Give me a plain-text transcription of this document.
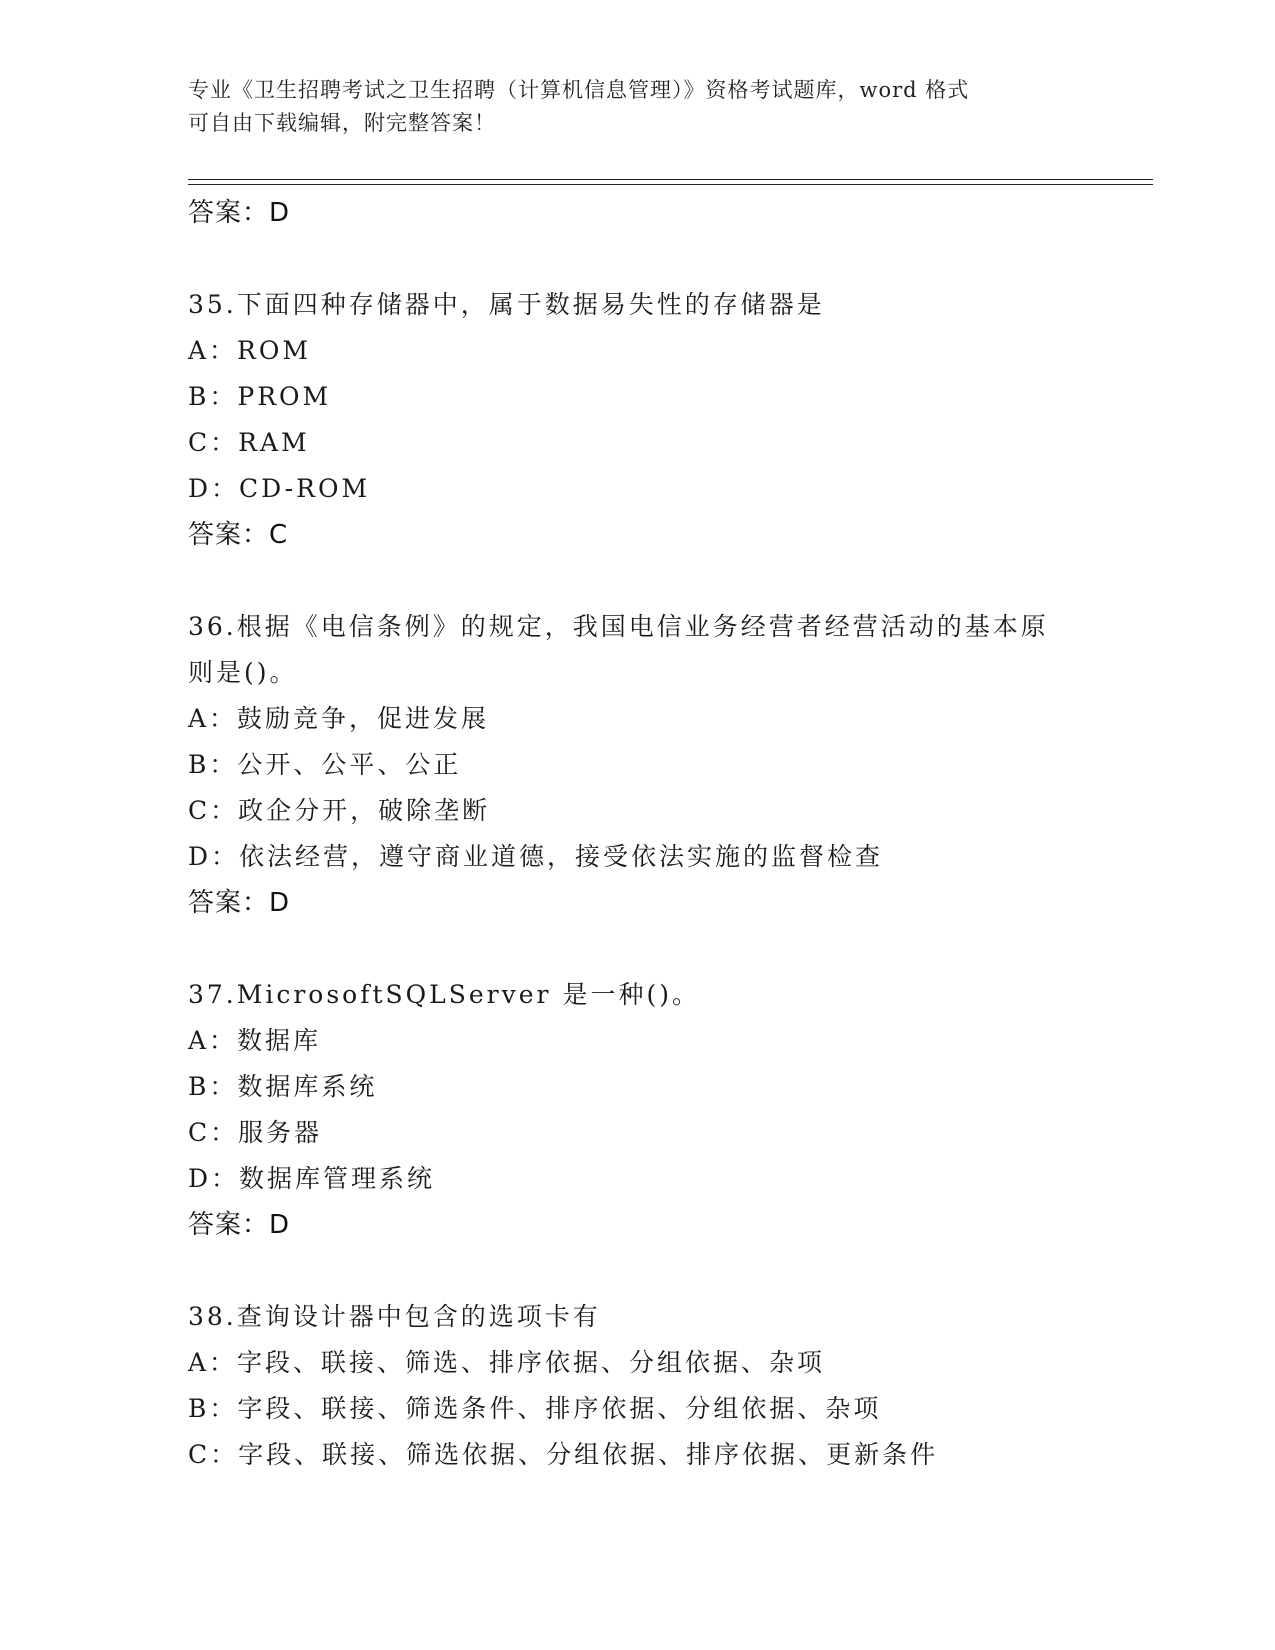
专业《卫生招聘考试之卫生招聘（计算机信息管理）》资格考试题库，word 格式
可自由下载编辑，附完整答案！
答案：D
35.下面四种存储器中，属于数据易失性的存储器是
A：ROM
B：PROM
C：RAM
D：CD-ROM
答案：C
36.根据《电信条例》的规定，我国电信业务经营者经营活动的基本原
则是()。
A：鼓励竞争，促进发展
B：公开、公平、公正
C：政企分开，破除垄断
D：依法经营，遵守商业道德，接受依法实施的监督检查
答案：D
37.MicrosoftSQLServer 是一种()。
A：数据库
B：数据库系统
C：服务器
D：数据库管理系统
答案：D
38.查询设计器中包含的选项卡有
A：字段、联接、筛选、排序依据、分组依据、杂项
B：字段、联接、筛选条件、排序依据、分组依据、杂项
C：字段、联接、筛选依据、分组依据、排序依据、更新条件
